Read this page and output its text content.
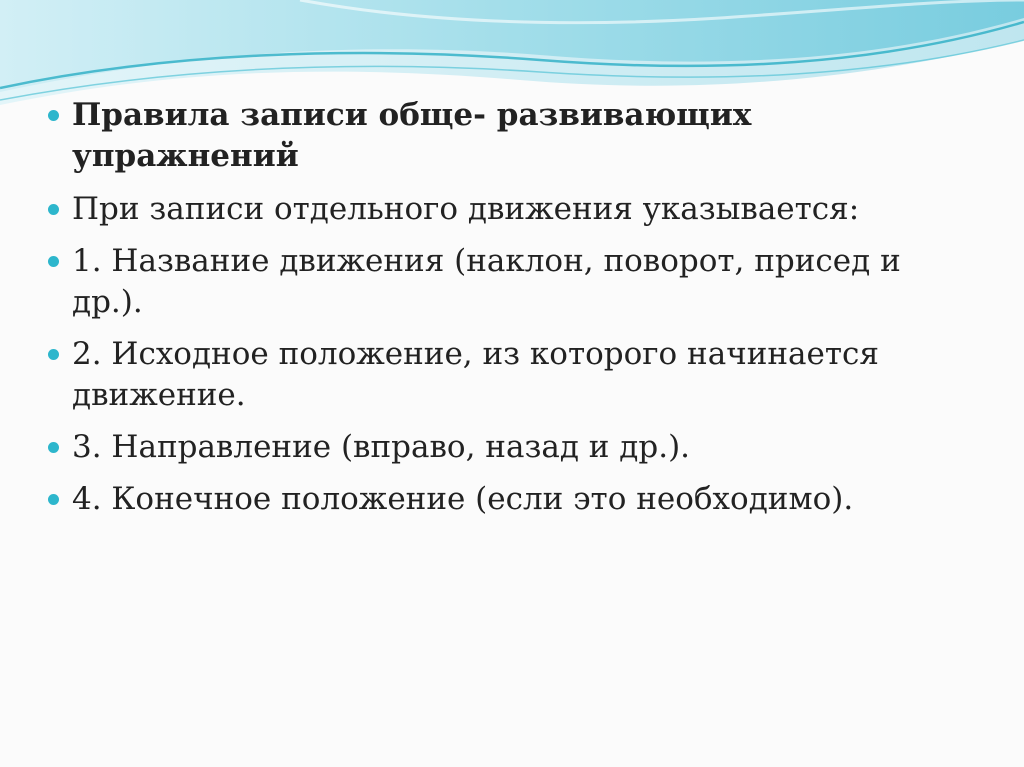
Правила записи обще- развивающих упражнений
При записи отдельного движения указывается:
1. Название движения (наклон, поворот, присед и др.).
2. Исходное положение, из которого начинается движение.
3. Направление (вправо, назад и др.).
4. Конечное положение (если это необходимо).
